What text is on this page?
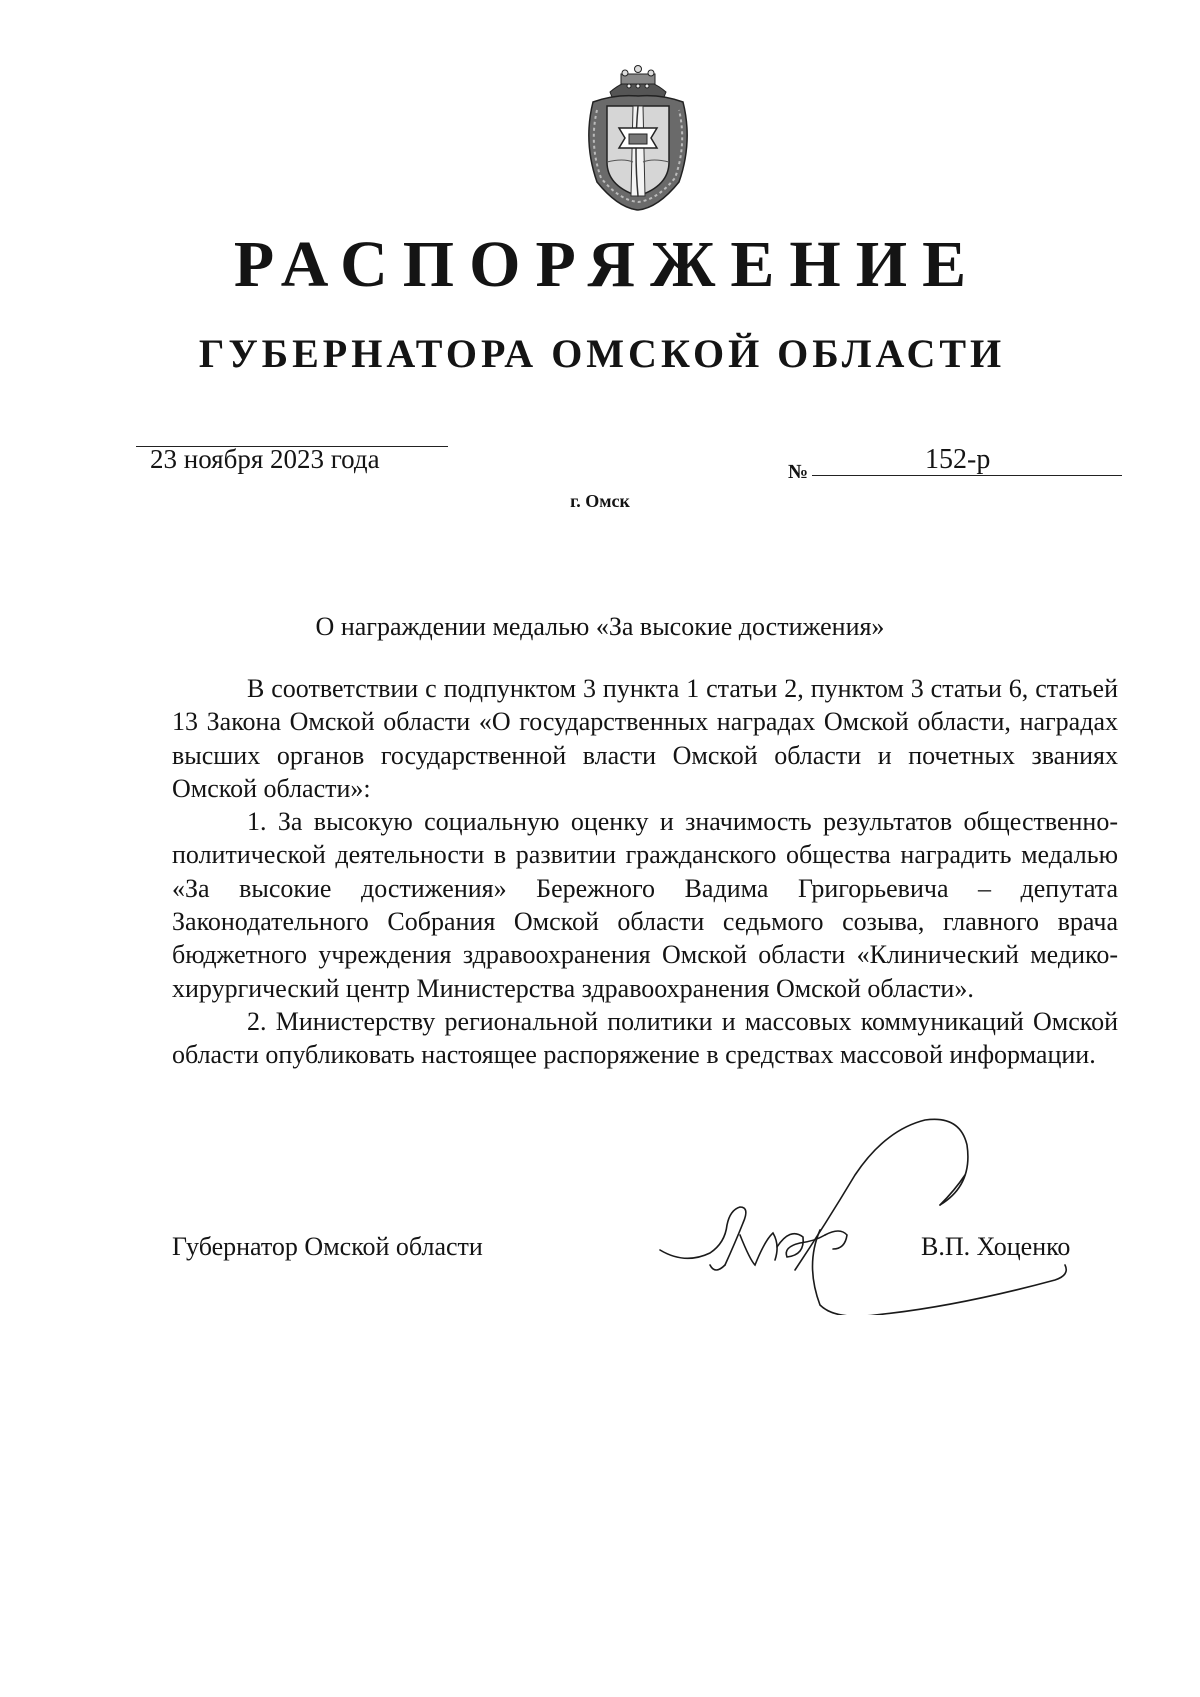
РАСПОРЯЖЕНИЕ
ГУБЕРНАТОРА ОМСКОЙ ОБЛАСТИ
23 ноября 2023 года	№	152-р
г. Омск
О награждении медалью «За высокие достижения»

В соответствии с подпунктом 3 пункта 1 статьи 2, пунктом 3 статьи 6, статьей 13 Закона Омской области «О государственных наградах Омской области, наградах высших органов государственной власти Омской области и почетных званиях Омской области»:

1. За высокую социальную оценку и значимость результатов общественно-политической деятельности в развитии гражданского общества наградить медалью «За высокие достижения» Бережного Вадима Григорьевича – депутата Законодательного Собрания Омской области седьмого созыва, главного врача бюджетного учреждения здравоохранения Омской области «Клинический медико-хирургический центр Министерства здравоохранения Омской области».

2. Министерству региональной политики и массовых коммуникаций Омской области опубликовать настоящее распоряжение в средствах массовой информации.

Губернатор Омской области	В.П. Хоценко
